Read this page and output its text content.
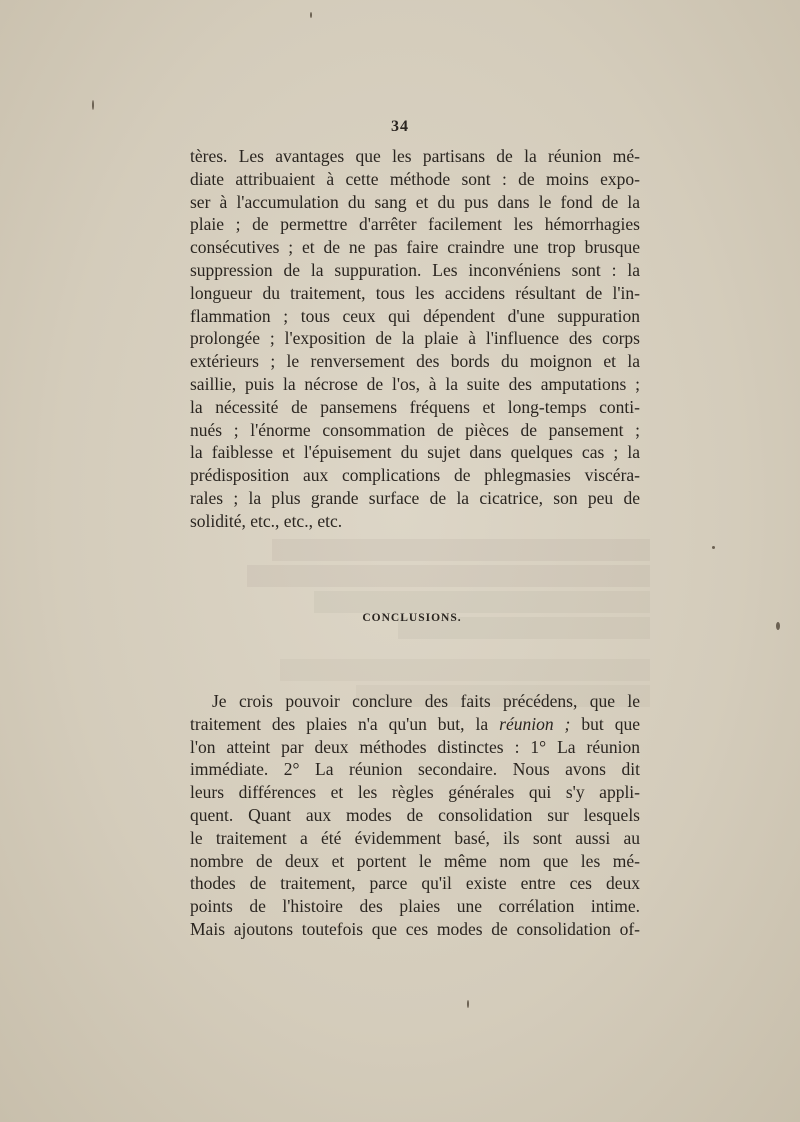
34
tères. Les avantages que les partisans de la réunion mé-
diate attribuaient à cette méthode sont : de moins expo-
ser à l'accumulation du sang et du pus dans le fond de la
plaie ; de permettre d'arrêter facilement les hémorrhagies
consécutives ; et de ne pas faire craindre une trop brusque
suppression de la suppuration. Les inconvéniens sont : la
longueur du traitement, tous les accidens résultant de l'in-
flammation ; tous ceux qui dépendent d'une suppuration
prolongée ; l'exposition de la plaie à l'influence des corps
extérieurs ; le renversement des bords du moignon et la
saillie, puis la nécrose de l'os, à la suite des amputations ;
la nécessité de pansemens fréquens et long-temps conti-
nués ; l'énorme consommation de pièces de pansement ;
la faiblesse et l'épuisement du sujet dans quelques cas ; la
prédisposition aux complications de phlegmasies viscéra-
rales ; la plus grande surface de la cicatrice, son peu de
solidité, etc., etc., etc.
CONCLUSIONS.
Je crois pouvoir conclure des faits précédens, que le
traitement des plaies n'a qu'un but, la réunion ; but que
l'on atteint par deux méthodes distinctes : 1° La réunion
immédiate. 2° La réunion secondaire. Nous avons dit
leurs différences et les règles générales qui s'y appli-
quent. Quant aux modes de consolidation sur lesquels
le traitement a été évidemment basé, ils sont aussi au
nombre de deux et portent le même nom que les mé-
thodes de traitement, parce qu'il existe entre ces deux
points de l'histoire des plaies une corrélation intime.
Mais ajoutons toutefois que ces modes de consolidation of-
